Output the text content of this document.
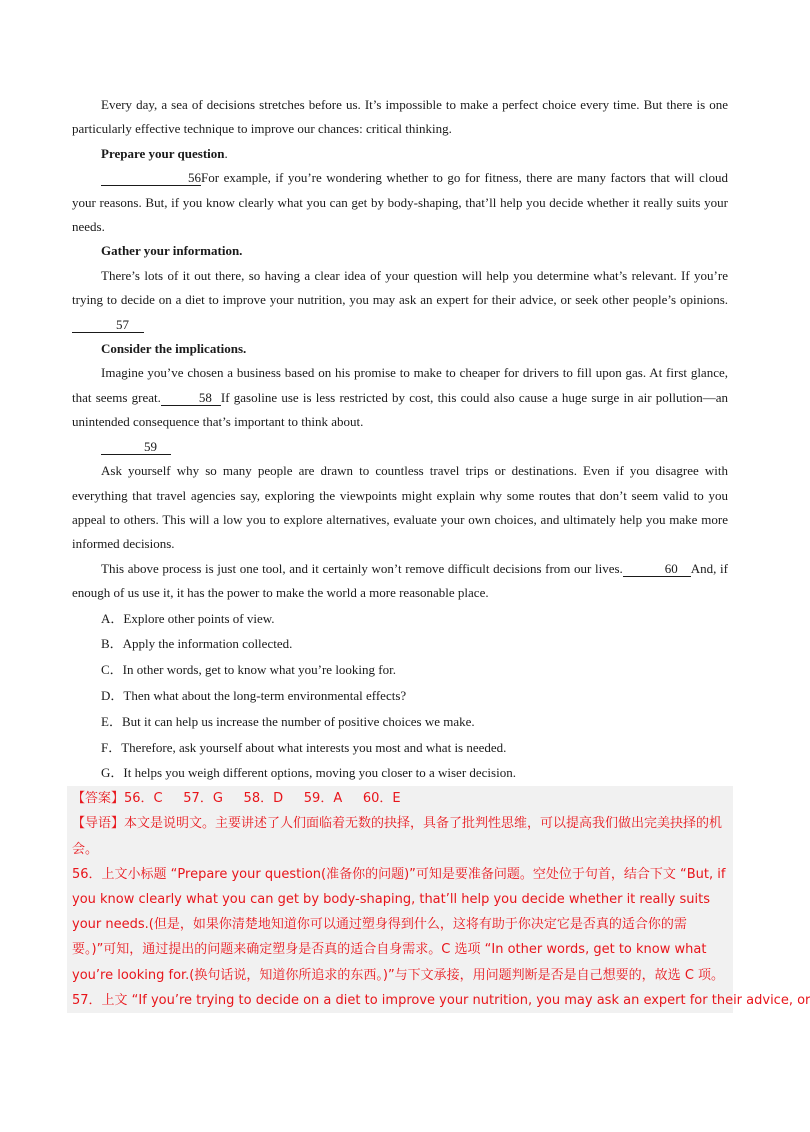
Every day, a sea of decisions stretches before us. It’s impossible to make a perfect choice every time. But there is one particularly effective technique to improve our chances: critical thinking.

Prepare your question.

56For example, if you’re wondering whether to go for fitness, there are many factors that will cloud your reasons. But, if you know clearly what you can get by body-shaping, that’ll help you decide whether it really suits your needs.

Gather your information.

There’s lots of it out there, so having a clear idea of your question will help you determine what’s relevant. If you’re trying to decide on a diet to improve your nutrition, you may ask an expert for their advice, or seek other people’s opinions.57

Consider the implications.

Imagine you’ve chosen a business based on his promise to make to cheaper for drivers to fill upon gas. At first glance, that seems great.	58 If gasoline use is less restricted by cost, this could also cause a huge surge in air pollution—an unintended consequence that’s important to think about.

59

Ask yourself why so many people are drawn to countless travel trips or destinations. Even if you disagree with everything that travel agencies say, exploring the viewpoints might explain why some routes that don’t seem valid to you appeal to others. This will a low you to explore alternatives, evaluate your own choices, and ultimately help you make more informed decisions.

This above process is just one tool, and it certainly won’t remove difficult decisions from our lives.	60 And, if enough of us use it, it has the power to make the world a more reasonable place.

A．Explore other points of view.

B．Apply the information collected.

C．In other words, get to know what you’re looking for.

D．Then what about the long-term environmental effects?

E．But it can help us increase the number of positive choices we make.

F．Therefore, ask yourself about what interests you most and what is needed.

G．It helps you weigh different options, moving you closer to a wiser decision.

【答案】56．C     57．G     58．D     59．A     60．E

【导语】本文是说明文。主要讲述了人们面临着无数的抉择，具备了批判性思维，可以提高我们做出完美抉择的机会。

56．上文小标题 “Prepare your question(准备你的问题)”可知是要准备问题。空处位于句首，结合下文 “But, if you know clearly what you can get by body-shaping, that’ll help you decide whether it really suits your needs.(但是，如果你清楚地知道你可以通过塑身得到什么，这将有助于你决定它是否真的适合你的需要。)”可知，通过提出的问题来确定塑身是否真的适合自身需求。C 选项 “In other words, get to know what you’re looking for.(换句话说，知道你所追求的东西。)”与下文承接，用问题判断是否是自己想要的，故选 C 项。

57．上文 “If you’re trying to decide on a diet to improve your nutrition, you may ask an expert for their advice, or
